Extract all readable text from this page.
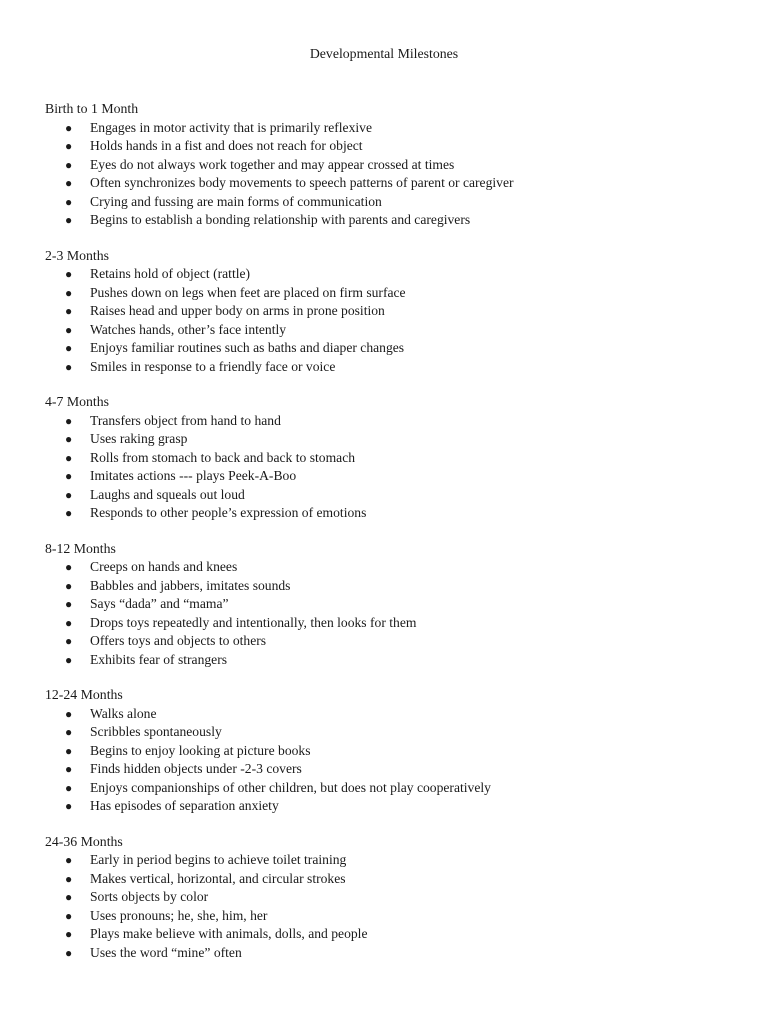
Developmental Milestones

Birth to 1 Month

● Engages in motor activity that is primarily reflexive
● Holds hands in a fist and does not reach for object
● Eyes do not always work together and may appear crossed at times
● Often synchronizes body movements to speech patterns of parent or caregiver
● Crying and fussing are main forms of communication
● Begins to establish a bonding relationship with parents and caregivers

2-3 Months

● Retains hold of object (rattle)
● Pushes down on legs when feet are placed on firm surface
● Raises head and upper body on arms in prone position
● Watches hands, other’s face intently
● Enjoys familiar routines such as baths and diaper changes
● Smiles in response to a friendly face or voice

4-7 Months

● Transfers object from hand to hand
● Uses raking grasp
● Rolls from stomach to back and back to stomach
● Imitates actions --- plays Peek-A-Boo
● Laughs and squeals out loud
● Responds to other people’s expression of emotions

8-12 Months

● Creeps on hands and knees
● Babbles and jabbers, imitates sounds
● Says “dada” and “mama”
● Drops toys repeatedly and intentionally, then looks for them
● Offers toys and objects to others
● Exhibits fear of strangers

12-24 Months

● Walks alone
● Scribbles spontaneously
● Begins to enjoy looking at picture books
● Finds hidden objects under -2-3 covers
● Enjoys companionships of other children, but does not play cooperatively
● Has episodes of separation anxiety

24-36 Months

● Early in period begins to achieve toilet training
● Makes vertical, horizontal, and circular strokes
● Sorts objects by color
● Uses pronouns; he, she, him, her
● Plays make believe with animals, dolls, and people
● Uses the word “mine” often
